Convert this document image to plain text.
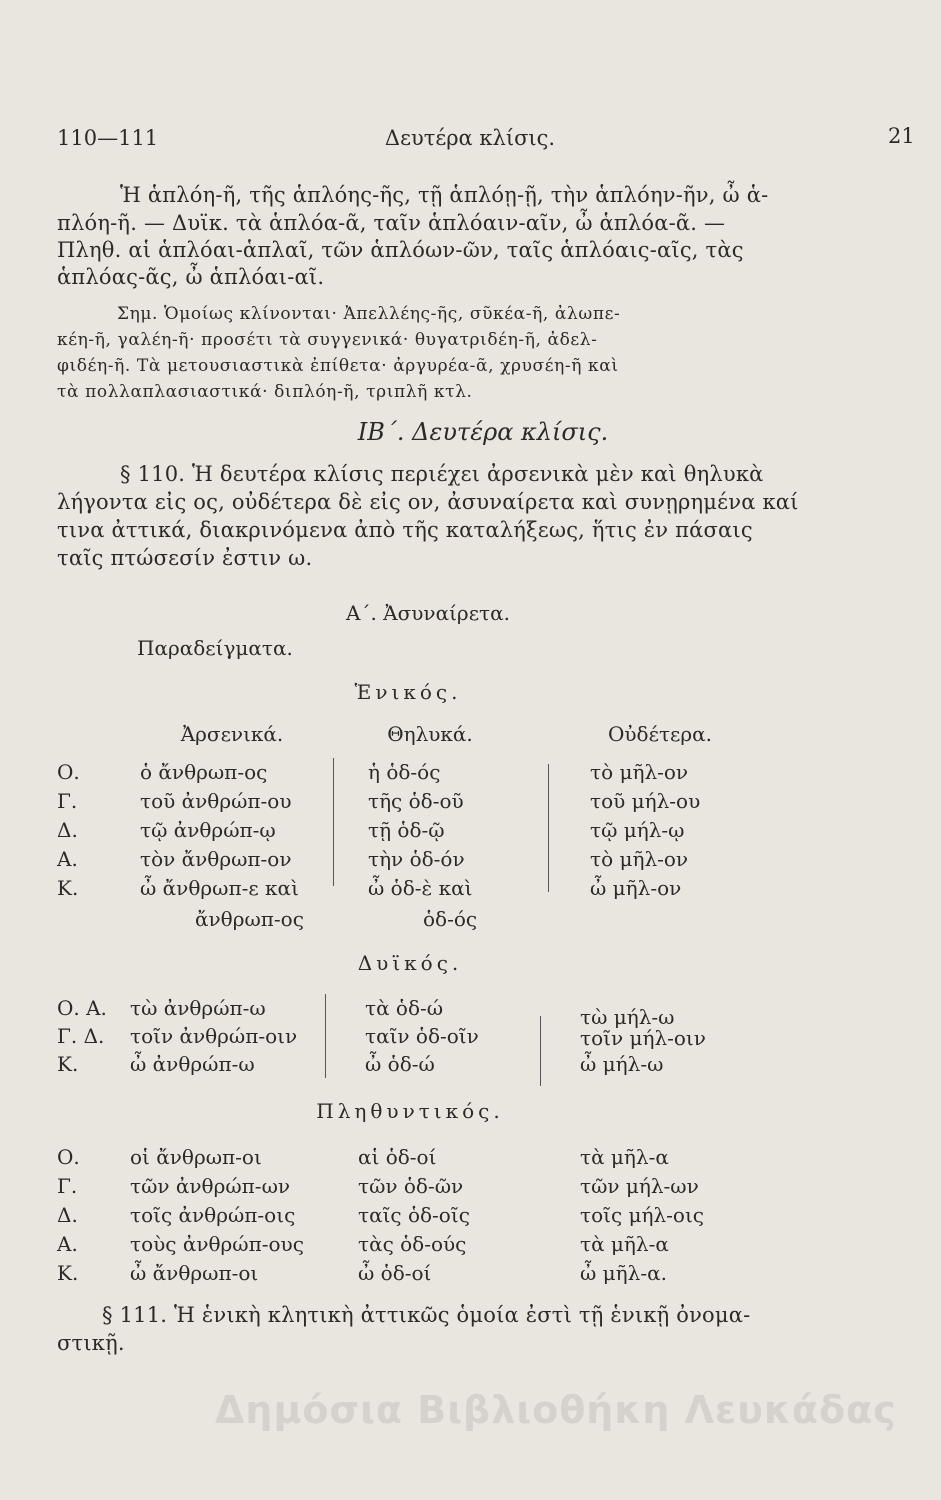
110—111	Δευτέρα κλίσις.	21
Ἡ ἁπλόη-ῆ, τῆς ἁπλόης-ῆς, τῇ ἁπλόῃ-ῇ, τὴν ἁπλόην-ῆν, ὦ ἁ-
πλόη-ῆ. — Δυϊκ. τὰ ἁπλόα-ᾶ, ταῖν ἁπλόαιν-αῖν, ὦ ἁπλόα-ᾶ. —
Πληθ. αἱ ἁπλόαι-ἁπλαῖ, τῶν ἁπλόων-ῶν, ταῖς ἁπλόαις-αῖς, τὰς
ἁπλόας-ᾶς, ὦ ἁπλόαι-αῖ.
Σημ. Ὁμοίως κλίνονται· Ἀπελλέης-ῆς, σῦκέα-ῆ, ἀλωπε-
κέη-ῆ, γαλέη-ῆ· προσέτι τὰ συγγενικά· θυγατριδέη-ῆ, ἀδελ-
φιδέη-ῆ. Τὰ μετουσιαστικὰ ἐπίθετα· ἀργυρέα-ᾶ, χρυσέη-ῆ καὶ
τὰ πολλαπλασιαστικά· διπλόη-ῆ, τριπλῆ κτλ.
ΙΒ΄. Δευτέρα κλίσις.
§ 110. Ἡ δευτέρα κλίσις περιέχει ἀρσενικὰ μὲν καὶ θηλυκὰ
λήγοντα εἰς ος, οὐδέτερα δὲ εἰς ον, ἀσυναίρετα καὶ συνῃρημένα καί
τινα ἀττικά, διακρινόμενα ἀπὸ τῆς καταλήξεως, ἥτις ἐν πάσαις
ταῖς πτώσεσίν ἐστιν ω.
Α΄. Ἀσυναίρετα.
Παραδείγματα.
Ἑνικός.
Ἀρσενικά.	Θηλυκά.	Οὐδέτερα.
Ο.	ὁ ἄνθρωπ-ος	ἡ ὁδ-ός	τὸ μῆλ-ον
Γ.	τοῦ ἀνθρώπ-ου	τῆς ὁδ-οῦ	τοῦ μήλ-ου
Δ.	τῷ ἀνθρώπ-ῳ	τῇ ὁδ-ῷ	τῷ μήλ-ῳ
Α.	τὸν ἄνθρωπ-ον	τὴν ὁδ-όν	τὸ μῆλ-ον
Κ.	ὦ ἄνθρωπ-ε καὶ	ὦ ὁδ-ὲ καὶ	ὦ μῆλ-ον
ἄνθρωπ-ος	ὁδ-ός
Δυϊκός.
Ο. Α. τὼ ἀνθρώπ-ω	τὰ ὁδ-ώ	τὼ μήλ-ω
Γ. Δ. τοῖν ἀνθρώπ-οιν	ταῖν ὁδ-οῖν	τοῖν μήλ-οιν
Κ.	ὦ ἀνθρώπ-ω	ὦ ὁδ-ώ	ὦ μήλ-ω
Πληθυντικός.
Ο.	οἱ ἄνθρωπ-οι	αἱ ὁδ-οί	τὰ μῆλ-α
Γ.	τῶν ἀνθρώπ-ων	τῶν ὁδ-ῶν	τῶν μήλ-ων
Δ.	τοῖς ἀνθρώπ-οις	ταῖς ὁδ-οῖς	τοῖς μήλ-οις
Α.	τοὺς ἀνθρώπ-ους	τὰς ὁδ-ούς	τὰ μῆλ-α
Κ.	ὦ ἄνθρωπ-οι	ὦ ὁδ-οί	ὦ μῆλ-α.
§ 111. Ἡ ἑνικὴ κλητικὴ ἀττικῶς ὁμοία ἐστὶ τῇ ἑνικῇ ὀνομα-
στικῇ.
Δημόσια Βιβλιοθήκη Λευκάδας
